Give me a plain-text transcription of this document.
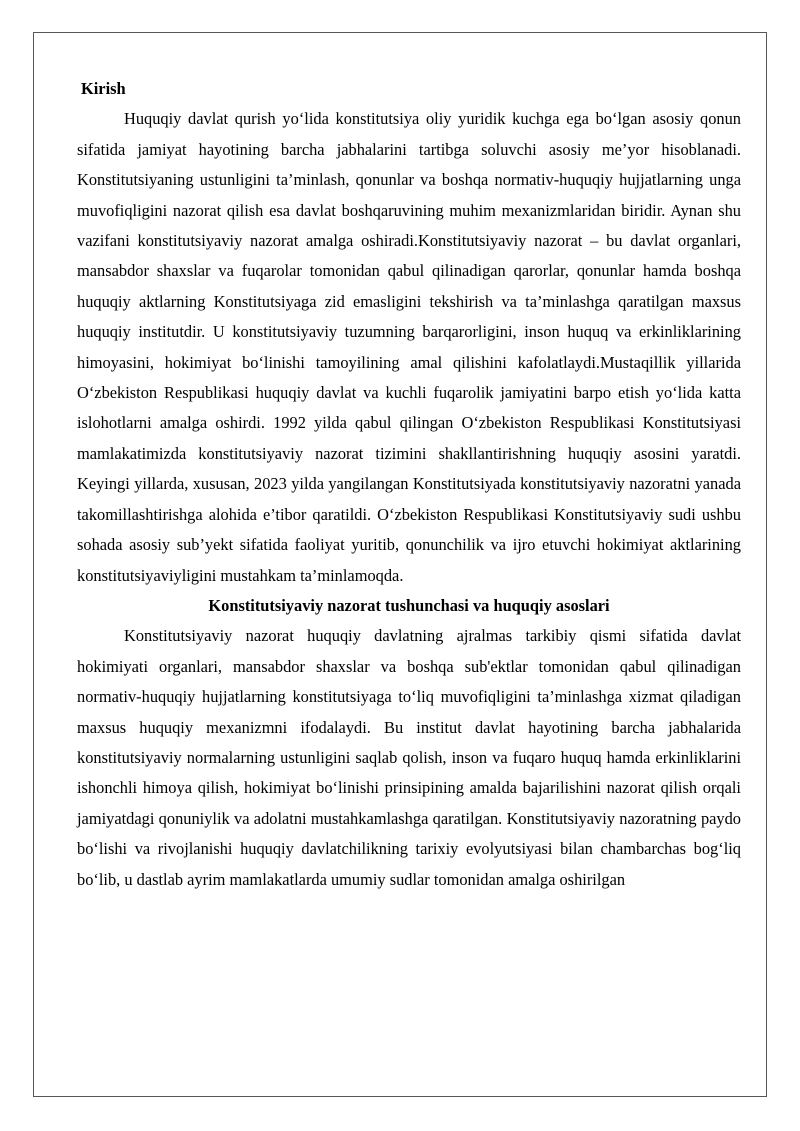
Kirish

Huquqiy davlat qurish yo‘lida konstitutsiya oliy yuridik kuchga ega bo‘lgan asosiy qonun sifatida jamiyat hayotining barcha jabhalarini tartibga soluvchi asosiy me’yor hisoblanadi. Konstitutsiyaning ustunligini ta’minlash, qonunlar va boshqa normativ-huquqiy hujjatlarning unga muvofiqligini nazorat qilish esa davlat boshqaruvining muhim mexanizmlaridan biridir. Aynan shu vazifani konstitutsiyaviy nazorat amalga oshiradi.Konstitutsiyaviy nazorat – bu davlat organlari, mansabdor shaxslar va fuqarolar tomonidan qabul qilinadigan qarorlar, qonunlar hamda boshqa huquqiy aktlarning Konstitutsiyaga zid emasligini tekshirish va ta’minlashga qaratilgan maxsus huquqiy institutdir. U konstitutsiyaviy tuzumning barqarorligini, inson huquq va erkinliklarining himoyasini, hokimiyat bo‘linishi tamoyilining amal qilishini kafolatlaydi.Mustaqillik yillarida O‘zbekiston Respublikasi huquqiy davlat va kuchli fuqarolik jamiyatini barpo etish yo‘lida katta islohotlarni amalga oshirdi. 1992 yilda qabul qilingan O‘zbekiston Respublikasi Konstitutsiyasi mamlakatimizda konstitutsiyaviy nazorat tizimini shakllantirishning huquqiy asosini yaratdi. Keyingi yillarda, xususan, 2023 yilda yangilangan Konstitutsiyada konstitutsiyaviy nazoratni yanada takomillashtirishga alohida e’tibor qaratildi. O‘zbekiston Respublikasi Konstitutsiyaviy sudi ushbu sohada asosiy sub’yekt sifatida faoliyat yuritib, qonunchilik va ijro etuvchi hokimiyat aktlarining konstitutsiyaviyligini mustahkam ta’minlamoqda.

Konstitutsiyaviy nazorat tushunchasi va huquqiy asoslari

Konstitutsiyaviy nazorat huquqiy davlatning ajralmas tarkibiy qismi sifatida davlat hokimiyati organlari, mansabdor shaxslar va boshqa sub'ektlar tomonidan qabul qilinadigan normativ-huquqiy hujjatlarning konstitutsiyaga to‘liq muvofiqligini ta’minlashga xizmat qiladigan maxsus huquqiy mexanizmni ifodalaydi. Bu institut davlat hayotining barcha jabhalarida konstitutsiyaviy normalarning ustunligini saqlab qolish, inson va fuqaro huquq hamda erkinliklarini ishonchli himoya qilish, hokimiyat bo‘linishi prinsipining amalda bajarilishini nazorat qilish orqali jamiyatdagi qonuniylik va adolatni mustahkamlashga qaratilgan. Konstitutsiyaviy nazoratning paydo bo‘lishi va rivojlanishi huquqiy davlatchilikning tarixiy evolyutsiyasi bilan chambarchas bog‘liq bo‘lib, u dastlab ayrim mamlakatlarda umumiy sudlar tomonidan amalga oshirilgan
